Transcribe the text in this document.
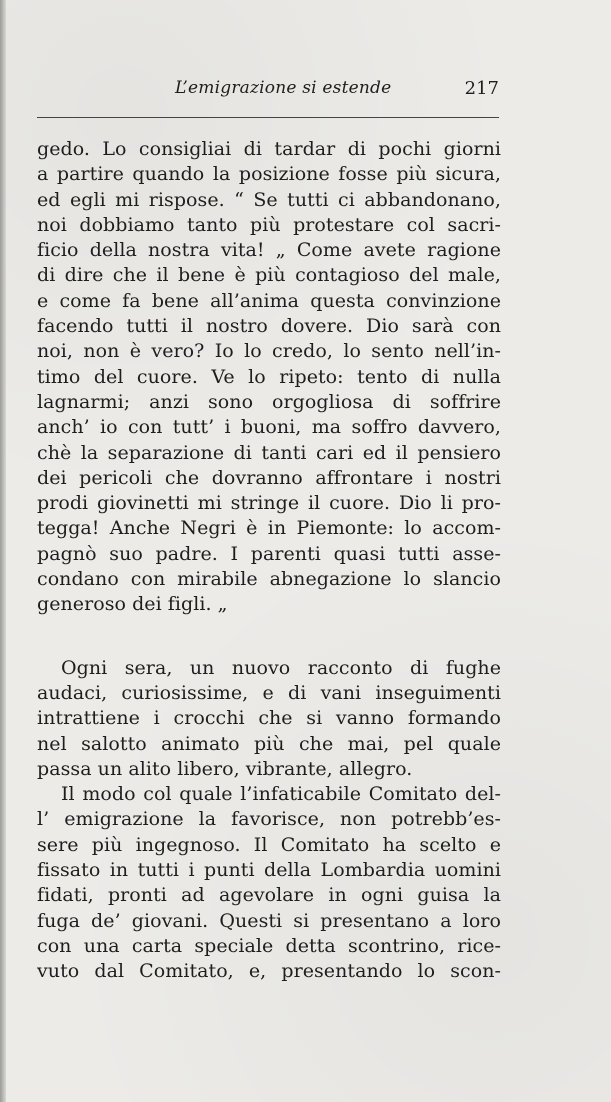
L’emigrazione si estende	217
gedo. Lo consigliai di tardar di pochi giorni
a partire quando la posizione fosse più sicura,
ed egli mi rispose. “ Se tutti ci abbandonano,
noi dobbiamo tanto più protestare col sacri-
ficio della nostra vita! „ Come avete ragione
di dire che il bene è più contagioso del male,
e come fa bene all’anima questa convinzione
facendo tutti il nostro dovere. Dio sarà con
noi, non è vero? Io lo credo, lo sento nell’in-
timo del cuore. Ve lo ripeto: tento di nulla
lagnarmi; anzi sono orgogliosa di soffrire
anch’ io con tutt’ i buoni, ma soffro davvero,
chè la separazione di tanti cari ed il pensiero
dei pericoli che dovranno affrontare i nostri
prodi giovinetti mi stringe il cuore. Dio li pro-
tegga! Anche Negri è in Piemonte: lo accom-
pagnò suo padre. I parenti quasi tutti asse-
condano con mirabile abnegazione lo slancio
generoso dei figli. „
Ogni sera, un nuovo racconto di fughe
audaci, curiosissime, e di vani inseguimenti
intrattiene i crocchi che si vanno formando
nel salotto animato più che mai, pel quale
passa un alito libero, vibrante, allegro.
Il modo col quale l’infaticabile Comitato del-
l’ emigrazione la favorisce, non potrebb’es-
sere più ingegnoso. Il Comitato ha scelto e
fissato in tutti i punti della Lombardia uomini
fidati, pronti ad agevolare in ogni guisa la
fuga de’ giovani. Questi si presentano a loro
con una carta speciale detta scontrino, rice-
vuto dal Comitato, e, presentando lo scon-
